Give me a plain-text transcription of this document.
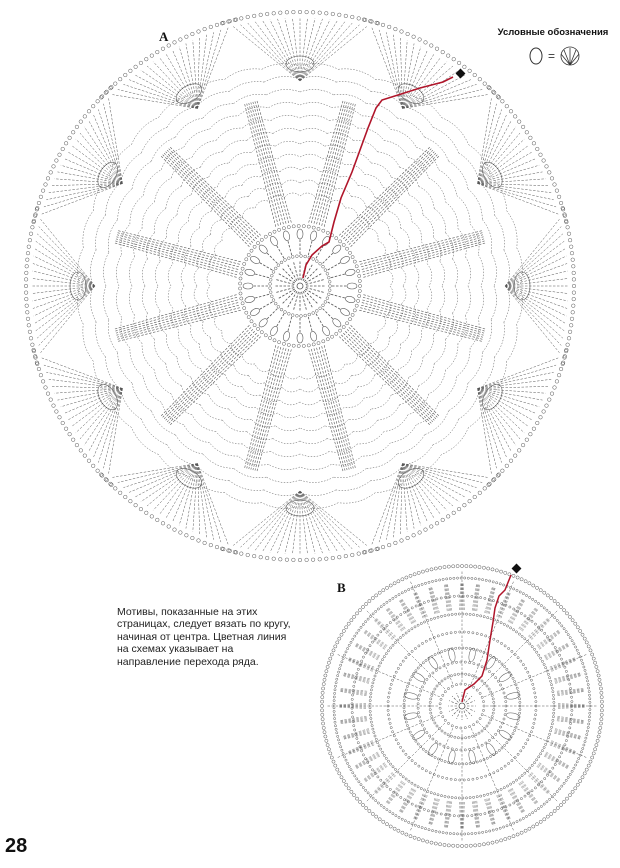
A	Условные обозначения
=
B
Мотивы, показанные на этих страницах, следует вязать по кругу, начиная от центра. Цветная линия на схемах указывает на направление перехода ряда.
28
